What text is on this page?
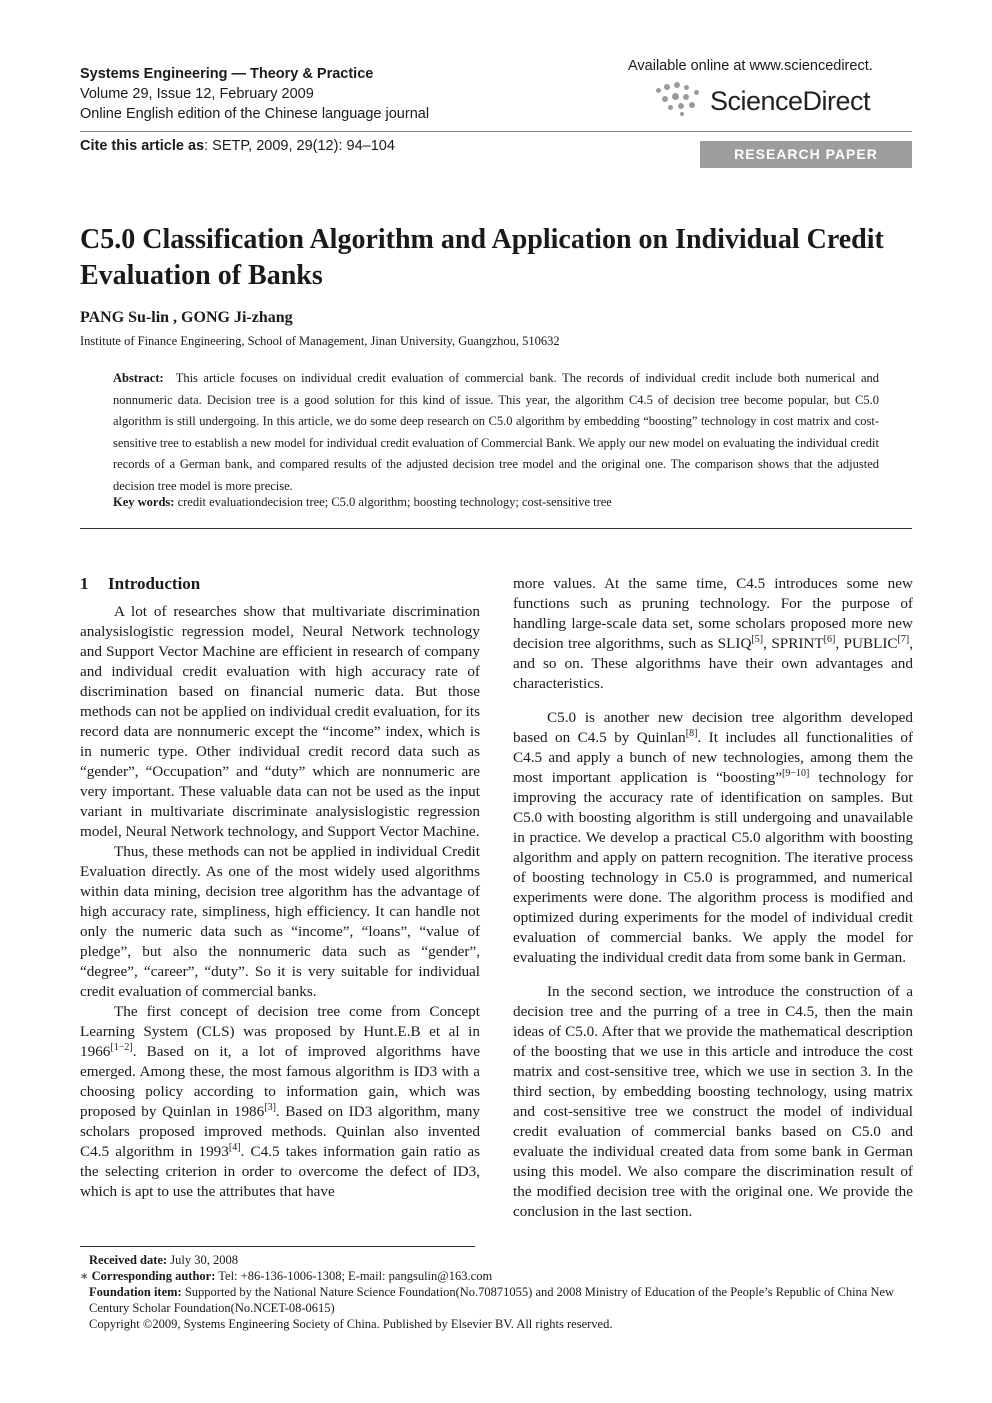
Systems Engineering — Theory & Practice
Volume 29, Issue 12, February 2009
Online English edition of the Chinese language journal
Cite this article as: SETP, 2009, 29(12): 94–104
Available online at www.sciencedirect.
ScienceDirect
RESEARCH PAPER
C5.0 Classification Algorithm and Application on Individual Credit Evaluation of Banks
PANG Su-lin , GONG Ji-zhang
Institute of Finance Engineering, School of Management, Jinan University, Guangzhou, 510632
Abstract: This article focuses on individual credit evaluation of commercial bank. The records of individual credit include both numerical and nonnumeric data. Decision tree is a good solution for this kind of issue. This year, the algorithm C4.5 of decision tree become popular, but C5.0 algorithm is still undergoing. In this article, we do some deep research on C5.0 algorithm by embedding “boosting” technology in cost matrix and cost-sensitive tree to establish a new model for individual credit evaluation of Commercial Bank. We apply our new model on evaluating the individual credit records of a German bank, and compared results of the adjusted decision tree model and the original one. The comparison shows that the adjusted decision tree model is more precise.
Key words: credit evaluationdecision tree; C5.0 algorithm; boosting technology; cost-sensitive tree
1 Introduction

A lot of researches show that multivariate discrimination analysislogistic regression model, Neural Network technology and Support Vector Machine are efficient in research of company and individual credit evaluation with high accuracy rate of discrimination based on financial numeric data. But those methods can not be applied on individual credit evaluation, for its record data are nonnumeric except the “income” index, which is in numeric type. Other individual credit record data such as “gender”, “Occupation” and “duty” which are nonnumeric are very important. These valuable data can not be used as the input variant in multivariate discriminate analysislogistic regression model, Neural Network technology, and Support Vector Machine.

Thus, these methods can not be applied in individual Credit Evaluation directly. As one of the most widely used algorithms within data mining, decision tree algorithm has the advantage of high accuracy rate, simpliness, high efficiency. It can handle not only the numeric data such as “income”, “loans”, “value of pledge”, but also the nonnumeric data such as “gender”, “degree”, “career”, “duty”. So it is very suitable for individual credit evaluation of commercial banks.

The first concept of decision tree come from Concept Learning System (CLS) was proposed by Hunt.E.B et al in 1966[1−2]. Based on it, a lot of improved algorithms have emerged. Among these, the most famous algorithm is ID3 with a choosing policy according to information gain, which was proposed by Quinlan in 1986[3]. Based on ID3 algorithm, many scholars proposed improved methods. Quinlan also invented C4.5 algorithm in 1993[4]. C4.5 takes information gain ratio as the selecting criterion in order to overcome the defect of ID3, which is apt to use the attributes that have

more values. At the same time, C4.5 introduces some new functions such as pruning technology. For the purpose of handling large-scale data set, some scholars proposed more new decision tree algorithms, such as SLIQ[5], SPRINT[6], PUBLIC[7], and so on. These algorithms have their own advantages and characteristics.

C5.0 is another new decision tree algorithm developed based on C4.5 by Quinlan[8]. It includes all functionalities of C4.5 and apply a bunch of new technologies, among them the most important application is “boosting”[9−10] technology for improving the accuracy rate of identification on samples. But C5.0 with boosting algorithm is still undergoing and unavailable in practice. We develop a practical C5.0 algorithm with boosting algorithm and apply on pattern recognition. The iterative process of boosting technology in C5.0 is programmed, and numerical experiments were done. The algorithm process is modified and optimized during experiments for the model of individual credit evaluation of commercial banks. We apply the model for evaluating the individual credit data from some bank in German.

In the second section, we introduce the construction of a decision tree and the purring of a tree in C4.5, then the main ideas of C5.0. After that we provide the mathematical description of the boosting that we use in this article and introduce the cost matrix and cost-sensitive tree, which we use in section 3. In the third section, by embedding boosting technology, using matrix and cost-sensitive tree we construct the model of individual credit evaluation of commercial banks based on C5.0 and evaluate the individual created data from some bank in German using this model. We also compare the discrimination result of the modified decision tree with the original one. We provide the conclusion in the last section.

Received date: July 30, 2008
∗ Corresponding author: Tel: +86-136-1006-1308; E-mail: pangsulin@163.com
Foundation item: Supported by the National Nature Science Foundation(No.70871055) and 2008 Ministry of Education of the People’s Republic of China New Century Scholar Foundation(No.NCET-08-0615)
Copyright ©2009, Systems Engineering Society of China. Published by Elsevier BV. All rights reserved.
